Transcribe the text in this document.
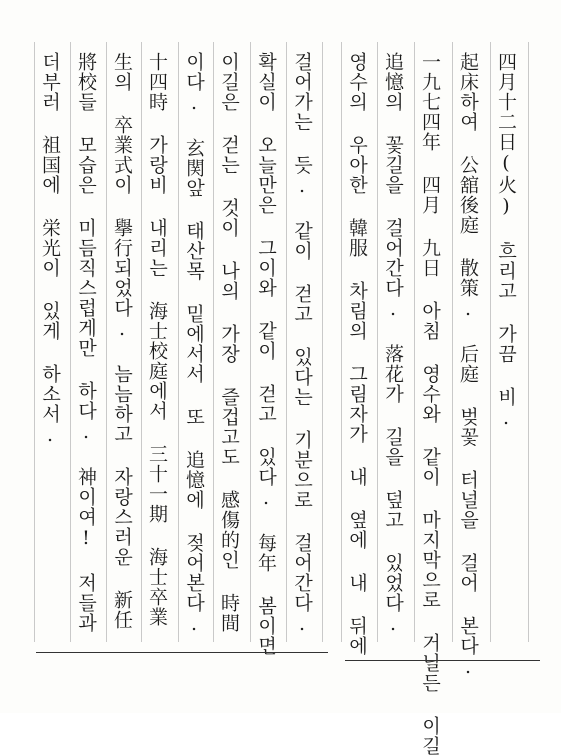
四月十二日(火) 흐리고 가끔 비.
起床하여 公舘後庭 散策. 后庭 벚꽃 터널을 걸어 본다.
一九七四年 四月 九日 아침 영수와 같이 마지막으로 거닐든 이길
追憶의 꽃길을 걸어간다. 落花가 길을 덮고 있었다.
영수의 우아한 韓服 차림의 그림자가 내 옆에 내 뒤에
걸어가는 듯. 같이 걷고 있다는 기분으로 걸어간다.
확실이 오늘만은 그이와 같이 걷고 있다. 每年 봄이면
이길은 걷는 것이 나의 가장 즐겁고도 感傷的인 時間
이다. 玄関앞 태산목 밑에서서 또 追憶에 젖어본다.
十四時 가랑비 내리는 海士校庭에서 三十一期 海士卒業
生의 卒業式이 擧行되었다. 늠늠하고 자랑스러운 新任
將校들 모습은 미듬직스럽게만 하다. 神이여! 저들과
더부러 祖国에 栄光이 있게 하소서.
